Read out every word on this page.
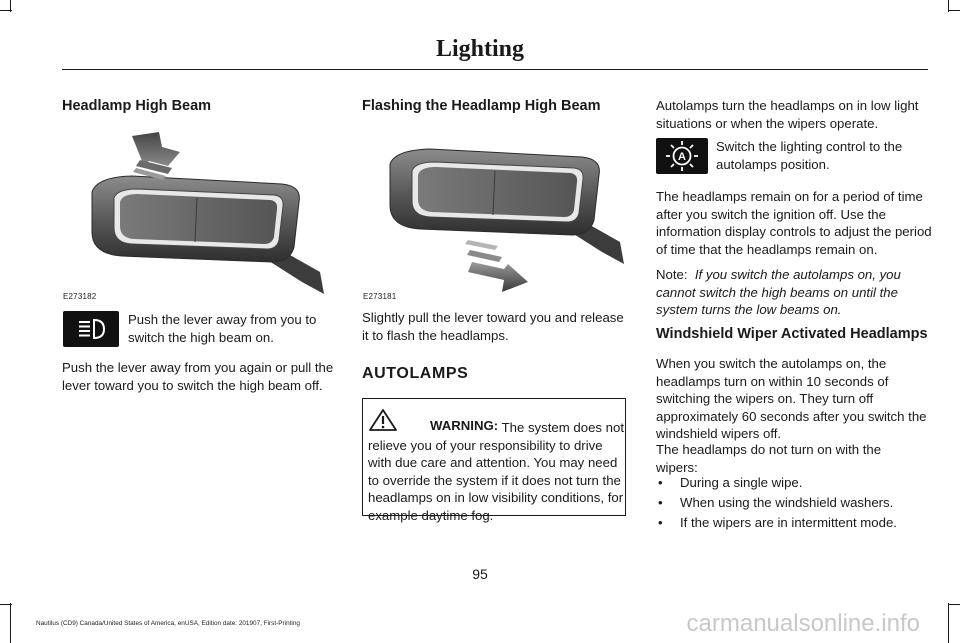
Lighting
Headlamp High Beam
E273182
Push the lever away from you to switch the high beam on.
Push the lever away from you again or pull the lever toward you to switch the high beam off.
Flashing the Headlamp High Beam
E273181
Slightly pull the lever toward you and release it to flash the headlamps.
AUTOLAMPS
WARNING: The system does not relieve you of your responsibility to drive with due care and attention. You may need to override the system if it does not turn the headlamps on in low visibility conditions, for example daytime fog.
Autolamps turn the headlamps on in low light situations or when the wipers operate.
A
Switch the lighting control to the autolamps position.
The headlamps remain on for a period of time after you switch the ignition off. Use the information display controls to adjust the period of time that the headlamps remain on.
Note: If you switch the autolamps on, you cannot switch the high beams on until the system turns the low beams on.
Windshield Wiper Activated Headlamps
When you switch the autolamps on, the headlamps turn on within 10 seconds of switching the wipers on. They turn off approximately 60 seconds after you switch the windshield wipers off.
The headlamps do not turn on with the wipers:
• During a single wipe.
• When using the windshield washers.
• If the wipers are in intermittent mode.
95
Nautilus (CD9) Canada/United States of America, enUSA, Edition date: 201907, First-Printing	carmanualsonline.info
